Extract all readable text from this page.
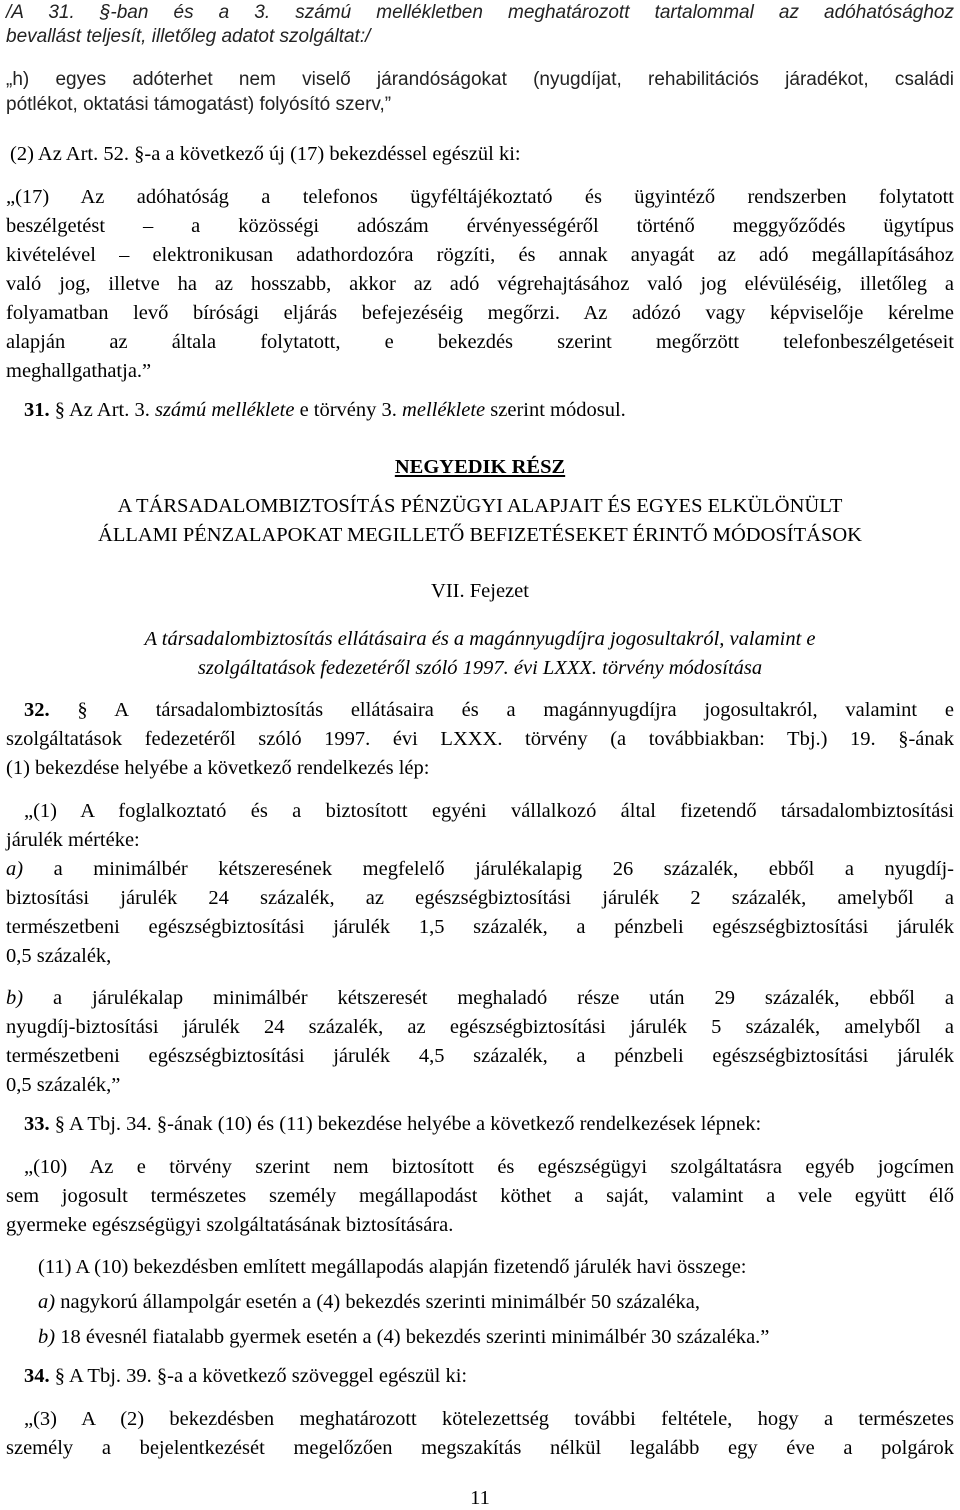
/A 31. §-ban és a 3. számú mellékletben meghatározott tartalommal az adóhatósághoz
bevallást teljesít, illetőleg adatot szolgáltat:/
„h) egyes adóterhet nem viselő járandóságokat (nyugdíjat, rehabilitációs járadékot, családi
pótlékot, oktatási támogatást) folyósító szerv,”
(2) Az Art. 52. §-a a következő új (17) bekezdéssel egészül ki:
„(17) Az adóhatóság a telefonos ügyféltájékoztató és ügyintéző rendszerben folytatott
beszélgetést – a közösségi adószám érvényességéről történő meggyőződés ügytípus
kivételével – elektronikusan adathordozóra rögzíti, és annak anyagát az adó megállapításához
való jog, illetve ha az hosszabb, akkor az adó végrehajtásához való jog elévüléséig, illetőleg a
folyamatban levő bírósági eljárás befejezéséig megőrzi. Az adózó vagy képviselője kérelme
alapján az általa folytatott, e bekezdés szerint megőrzött telefonbeszélgetéseit
meghallgathatja.”
31. § Az Art. 3. számú melléklete e törvény 3. melléklete szerint módosul.
NEGYEDIK RÉSZ
A TÁRSADALOMBIZTOSÍTÁS PÉNZÜGYI ALAPJAIT ÉS EGYES ELKÜLÖNÜLT
ÁLLAMI PÉNZALAPOKAT MEGILLETŐ BEFIZETÉSEKET ÉRINTŐ MÓDOSÍTÁSOK
VII. Fejezet
A társadalombiztosítás ellátásaira és a magánnyugdíjra jogosultakról, valamint e
szolgáltatások fedezetéről szóló 1997. évi LXXX. törvény módosítása
32. § A társadalombiztosítás ellátásaira és a magánnyugdíjra jogosultakról, valamint e
szolgáltatások fedezetéről szóló 1997. évi LXXX. törvény (a továbbiakban: Tbj.) 19. §-ának
(1) bekezdése helyébe a következő rendelkezés lép:
„(1) A foglalkoztató és a biztosított egyéni vállalkozó által fizetendő társadalombiztosítási
járulék mértéke:
a) a minimálbér kétszeresének megfelelő járulékalapig 26 százalék, ebből a nyugdíj-
biztosítási járulék 24 százalék, az egészségbiztosítási járulék 2 százalék, amelyből a
természetbeni egészségbiztosítási járulék 1,5 százalék, a pénzbeli egészségbiztosítási járulék
0,5 százalék,
b) a járulékalap minimálbér kétszeresét meghaladó része után 29 százalék, ebből a
nyugdíj-biztosítási járulék 24 százalék, az egészségbiztosítási járulék 5 százalék, amelyből a
természetbeni egészségbiztosítási járulék 4,5 százalék, a pénzbeli egészségbiztosítási járulék
0,5 százalék,”
33. § A Tbj. 34. §-ának (10) és (11) bekezdése helyébe a következő rendelkezések lépnek:
„(10) Az e törvény szerint nem biztosított és egészségügyi szolgáltatásra egyéb jogcímen
sem jogosult természetes személy megállapodást köthet a saját, valamint a vele együtt élő
gyermeke egészségügyi szolgáltatásának biztosítására.
(11) A (10) bekezdésben említett megállapodás alapján fizetendő járulék havi összege:
a) nagykorú állampolgár esetén a (4) bekezdés szerinti minimálbér 50 százaléka,
b) 18 évesnél fiatalabb gyermek esetén a (4) bekezdés szerinti minimálbér 30 százaléka.”
34. § A Tbj. 39. §-a a következő szöveggel egészül ki:
„(3) A (2) bekezdésben meghatározott kötelezettség további feltétele, hogy a természetes
személy a bejelentkezését megelőzően megszakítás nélkül legalább egy éve a polgárok
11
